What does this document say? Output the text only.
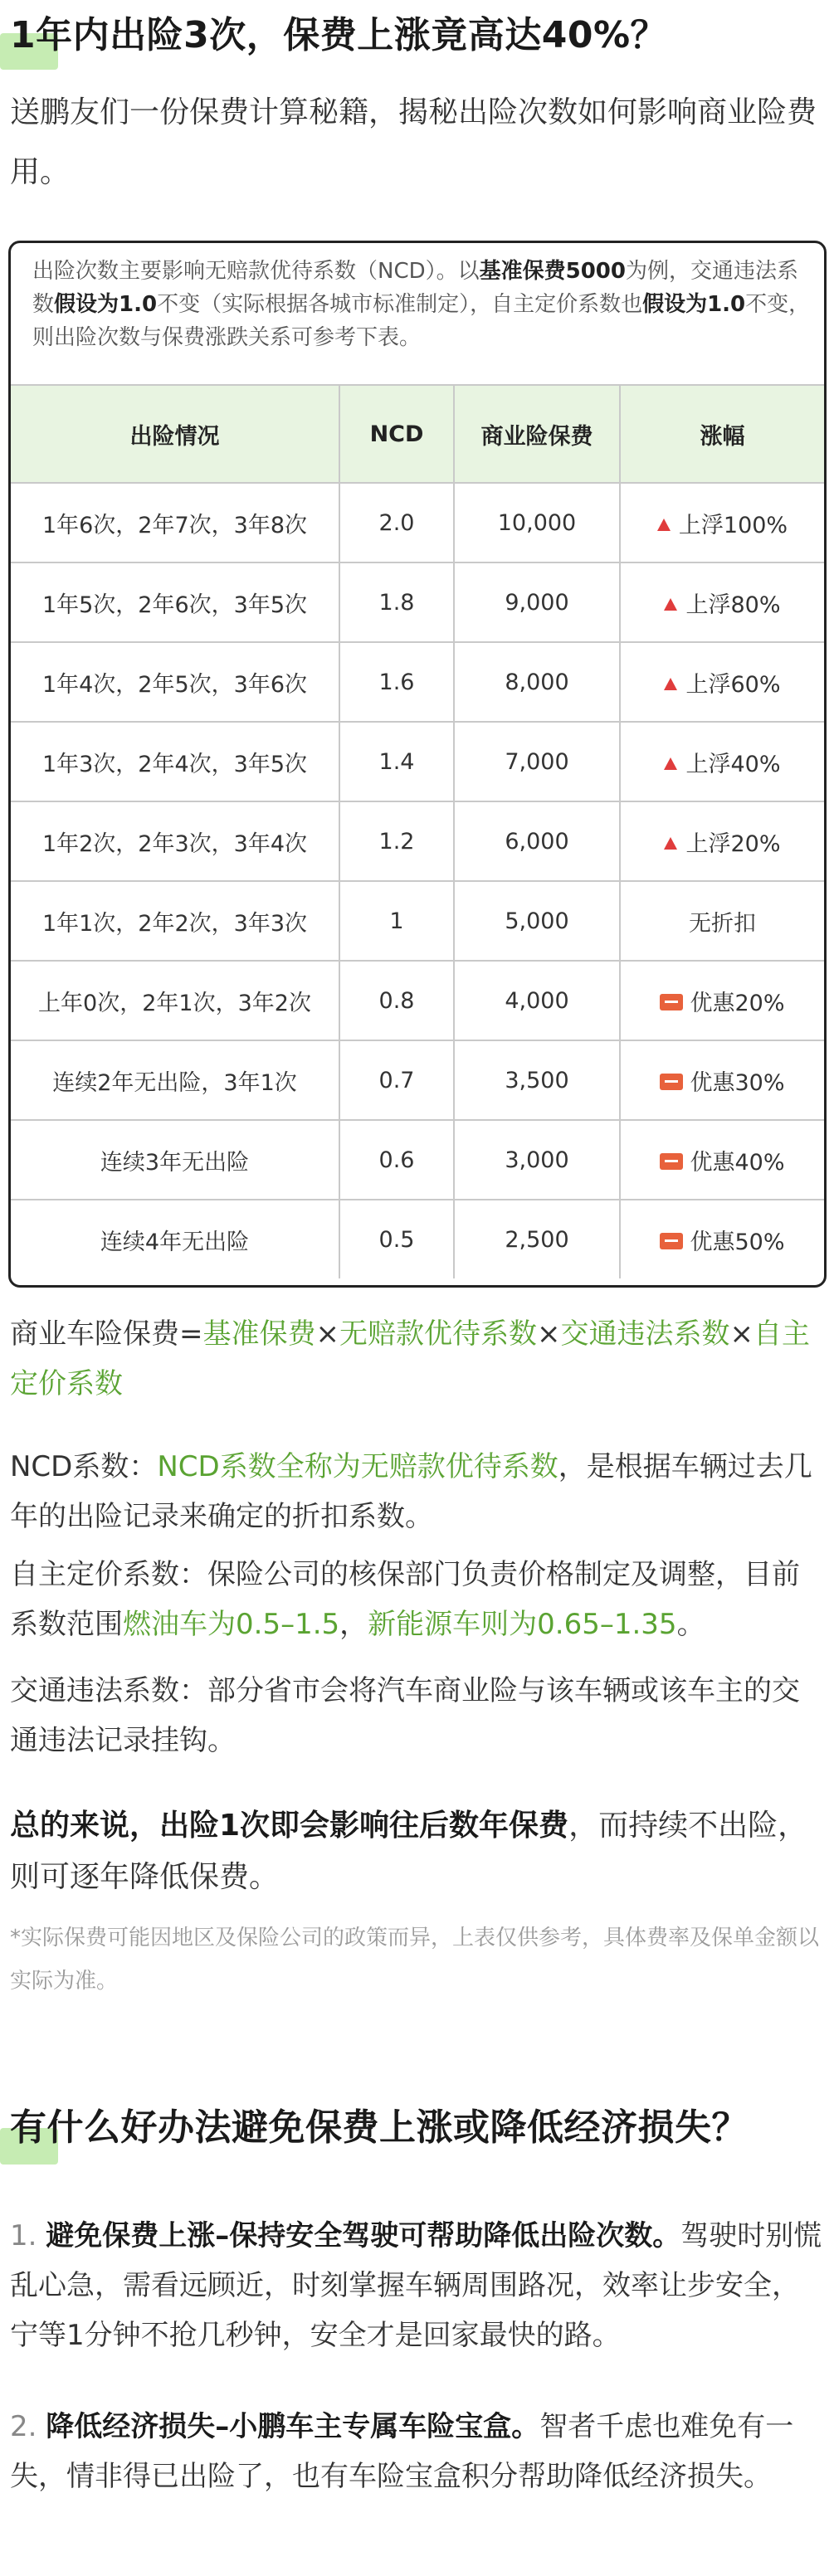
1年内出险3次，保费上涨竟高达40%？
送鹏友们一份保费计算秘籍，揭秘出险次数如何影响商业险费用。
出险次数主要影响无赔款优待系数（NCD）。以基准保费5000为例，交通违法系数假设为1.0不变（实际根据各城市标准制定），自主定价系数也假设为1.0不变，则出险次数与保费涨跌关系可参考下表。
出险情况	NCD	商业险保费	涨幅
1年6次，2年7次，3年8次	2.0	10,000	上浮100%
1年5次，2年6次，3年5次	1.8	9,000	上浮80%
1年4次，2年5次，3年6次	1.6	8,000	上浮60%
1年3次，2年4次，3年5次	1.4	7,000	上浮40%
1年2次，2年3次，3年4次	1.2	6,000	上浮20%
1年1次，2年2次，3年3次	1	5,000	无折扣
上年0次，2年1次，3年2次	0.8	4,000	优惠20%
连续2年无出险，3年1次	0.7	3,500	优惠30%
连续3年无出险	0.6	3,000	优惠40%
连续4年无出险	0.5	2,500	优惠50%
商业车险保费=基准保费×无赔款优待系数×交通违法系数×自主定价系数
NCD系数：NCD系数全称为无赔款优待系数，是根据车辆过去几年的出险记录来确定的折扣系数。
自主定价系数：保险公司的核保部门负责价格制定及调整，目前系数范围燃油车为0.5–1.5，新能源车则为0.65–1.35。
交通违法系数：部分省市会将汽车商业险与该车辆或该车主的交通违法记录挂钩。
总的来说，出险1次即会影响往后数年保费，而持续不出险，则可逐年降低保费。
*实际保费可能因地区及保险公司的政策而异，上表仅供参考，具体费率及保单金额以实际为准。
有什么好办法避免保费上涨或降低经济损失？
1. 避免保费上涨–保持安全驾驶可帮助降低出险次数。驾驶时别慌乱心急，需看远顾近，时刻掌握车辆周围路况，效率让步安全，宁等1分钟不抢几秒钟，安全才是回家最快的路。
2. 降低经济损失–小鹏车主专属车险宝盒。智者千虑也难免有一失，情非得已出险了，也有车险宝盒积分帮助降低经济损失。
